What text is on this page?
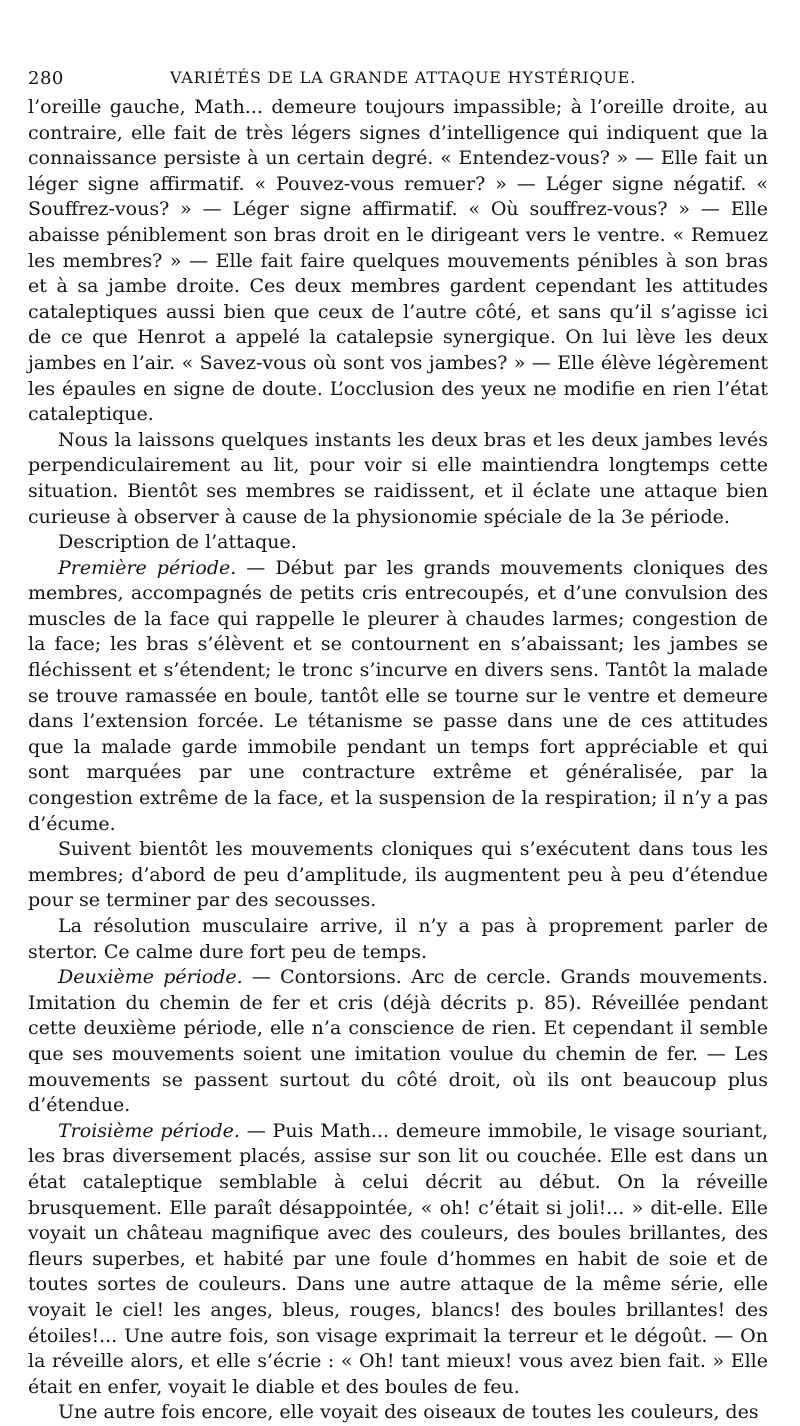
280	VARIÉTÉS DE LA GRANDE ATTAQUE HYSTÉRIQUE.

l’oreille gauche, Math... demeure toujours impassible; à l’oreille droite, au contraire, elle fait de très légers signes d’intelligence qui indiquent que la connaissance persiste à un certain degré. « Entendez-vous? » — Elle fait un léger signe affirmatif. « Pouvez-vous remuer? » — Léger signe négatif. « Souffrez-vous? » — Léger signe affirmatif. « Où souffrez-vous? » — Elle abaisse péniblement son bras droit en le dirigeant vers le ventre. « Remuez les membres? » — Elle fait faire quelques mouvements pénibles à son bras et à sa jambe droite. Ces deux membres gardent cependant les attitudes cataleptiques aussi bien que ceux de l’autre côté, et sans qu’il s’agisse ici de ce que Henrot a appelé la catalepsie synergique. On lui lève les deux jambes en l’air. « Savez-vous où sont vos jambes? » — Elle élève légèrement les épaules en signe de doute. L’occlusion des yeux ne modifie en rien l’état cataleptique.

Nous la laissons quelques instants les deux bras et les deux jambes levés perpendiculairement au lit, pour voir si elle maintiendra longtemps cette situation. Bientôt ses membres se raidissent, et il éclate une attaque bien curieuse à observer à cause de la physionomie spéciale de la 3e période.

Description de l’attaque.

Première période. — Début par les grands mouvements cloniques des membres, accompagnés de petits cris entrecoupés, et d’une convulsion des muscles de la face qui rappelle le pleurer à chaudes larmes; congestion de la face; les bras s’élèvent et se contournent en s’abaissant; les jambes se fléchissent et s’étendent; le tronc s’incurve en divers sens. Tantôt la malade se trouve ramassée en boule, tantôt elle se tourne sur le ventre et demeure dans l’extension forcée. Le tétanisme se passe dans une de ces attitudes que la malade garde immobile pendant un temps fort appréciable et qui sont marquées par une contracture extrême et généralisée, par la congestion extrême de la face, et la suspension de la respiration; il n’y a pas d’écume.

Suivent bientôt les mouvements cloniques qui s’exécutent dans tous les membres; d’abord de peu d’amplitude, ils augmentent peu à peu d’étendue pour se terminer par des secousses.

La résolution musculaire arrive, il n’y a pas à proprement parler de stertor. Ce calme dure fort peu de temps.

Deuxième période. — Contorsions. Arc de cercle. Grands mouvements. Imitation du chemin de fer et cris (déjà décrits p. 85). Réveillée pendant cette deuxième période, elle n’a conscience de rien. Et cependant il semble que ses mouvements soient une imitation voulue du chemin de fer. — Les mouvements se passent surtout du côté droit, où ils ont beaucoup plus d’étendue.

Troisième période. — Puis Math... demeure immobile, le visage souriant, les bras diversement placés, assise sur son lit ou couchée. Elle est dans un état cataleptique semblable à celui décrit au début. On la réveille brusquement. Elle paraît désappointée, « oh! c’était si joli!... » dit-elle. Elle voyait un château magnifique avec des couleurs, des boules brillantes, des fleurs superbes, et habité par une foule d’hommes en habit de soie et de toutes sortes de couleurs. Dans une autre attaque de la même série, elle voyait le ciel! les anges, bleus, rouges, blancs! des boules brillantes! des étoiles!... Une autre fois, son visage exprimait la terreur et le dégoût. — On la réveille alors, et elle s’écrie : « Oh! tant mieux! vous avez bien fait. » Elle était en enfer, voyait le diable et des boules de feu.

Une autre fois encore, elle voyait des oiseaux de toutes les couleurs, des
